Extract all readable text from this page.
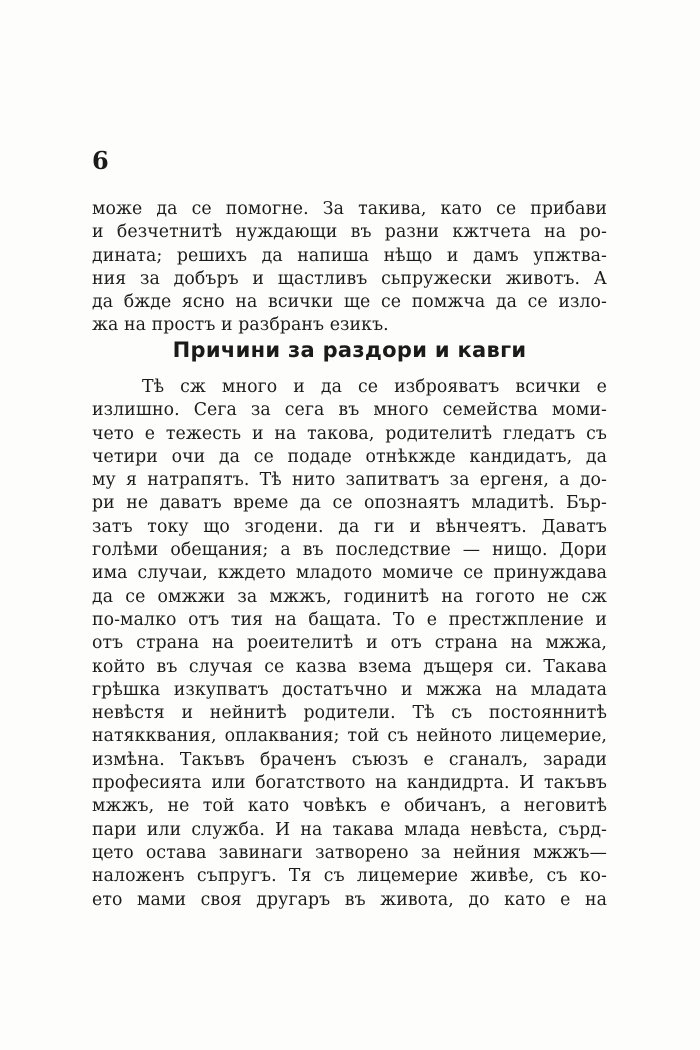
6
може да се помогне. За такива, като се прибави
и безчетнитѣ нуждающи въ разни кжтчета на ро-
дината; решихъ да напиша нѣщо и дамъ упжтва-
ния за добъръ и щастливъ сьпружески животъ. А
да бжде ясно на всички ще се помжча да се изло-
жа на простъ и разбранъ езикъ.
Причини за раздори и кавги
Тѣ сж много и да се изброяватъ всички е
излишно. Сега за сега въ много семейства моми-
чето е тежесть и на такова, родителитѣ гледатъ съ
четири очи да се подаде отнѣкжде кандидатъ, да
му я натрапятъ. Тѣ нито запитватъ за ергеня, а до-
ри не даватъ време да се опознаятъ младитѣ. Бър-
затъ току що згодени. да ги и вѣнчеятъ. Даватъ
голѣми обещания; а въ последствие — нищо. Дори
има случаи, кждето младото момиче се принуждава
да се омжжи за мжжъ, годинитѣ на гогото не сж
по-малко отъ тия на бащата. То е престжпление и
отъ страна на роеителитѣ и отъ страна на мжжа,
който въ случая се казва взема дъщеря си. Такава
грѣшка изкупватъ достатъчно и мжжа на младата
невѣстя и нейнитѣ родители. Тѣ съ постояннитѣ
натякквания, оплаквания; той съ нейното лицемерие,
измѣна. Такъвъ браченъ съюзъ е сганалъ, заради
професията или богатството на кандидрта. И такъвъ
мжжъ, не той като човѣкъ е обичанъ, а неговитѣ
пари или служба. И на такава млада невѣста, сърд-
цето остава завинаги затворено за нейния мжжъ—
наложенъ съпругъ. Тя съ лицемерие живѣе, съ ко-
ето мами своя другаръ въ живота, до като е на
